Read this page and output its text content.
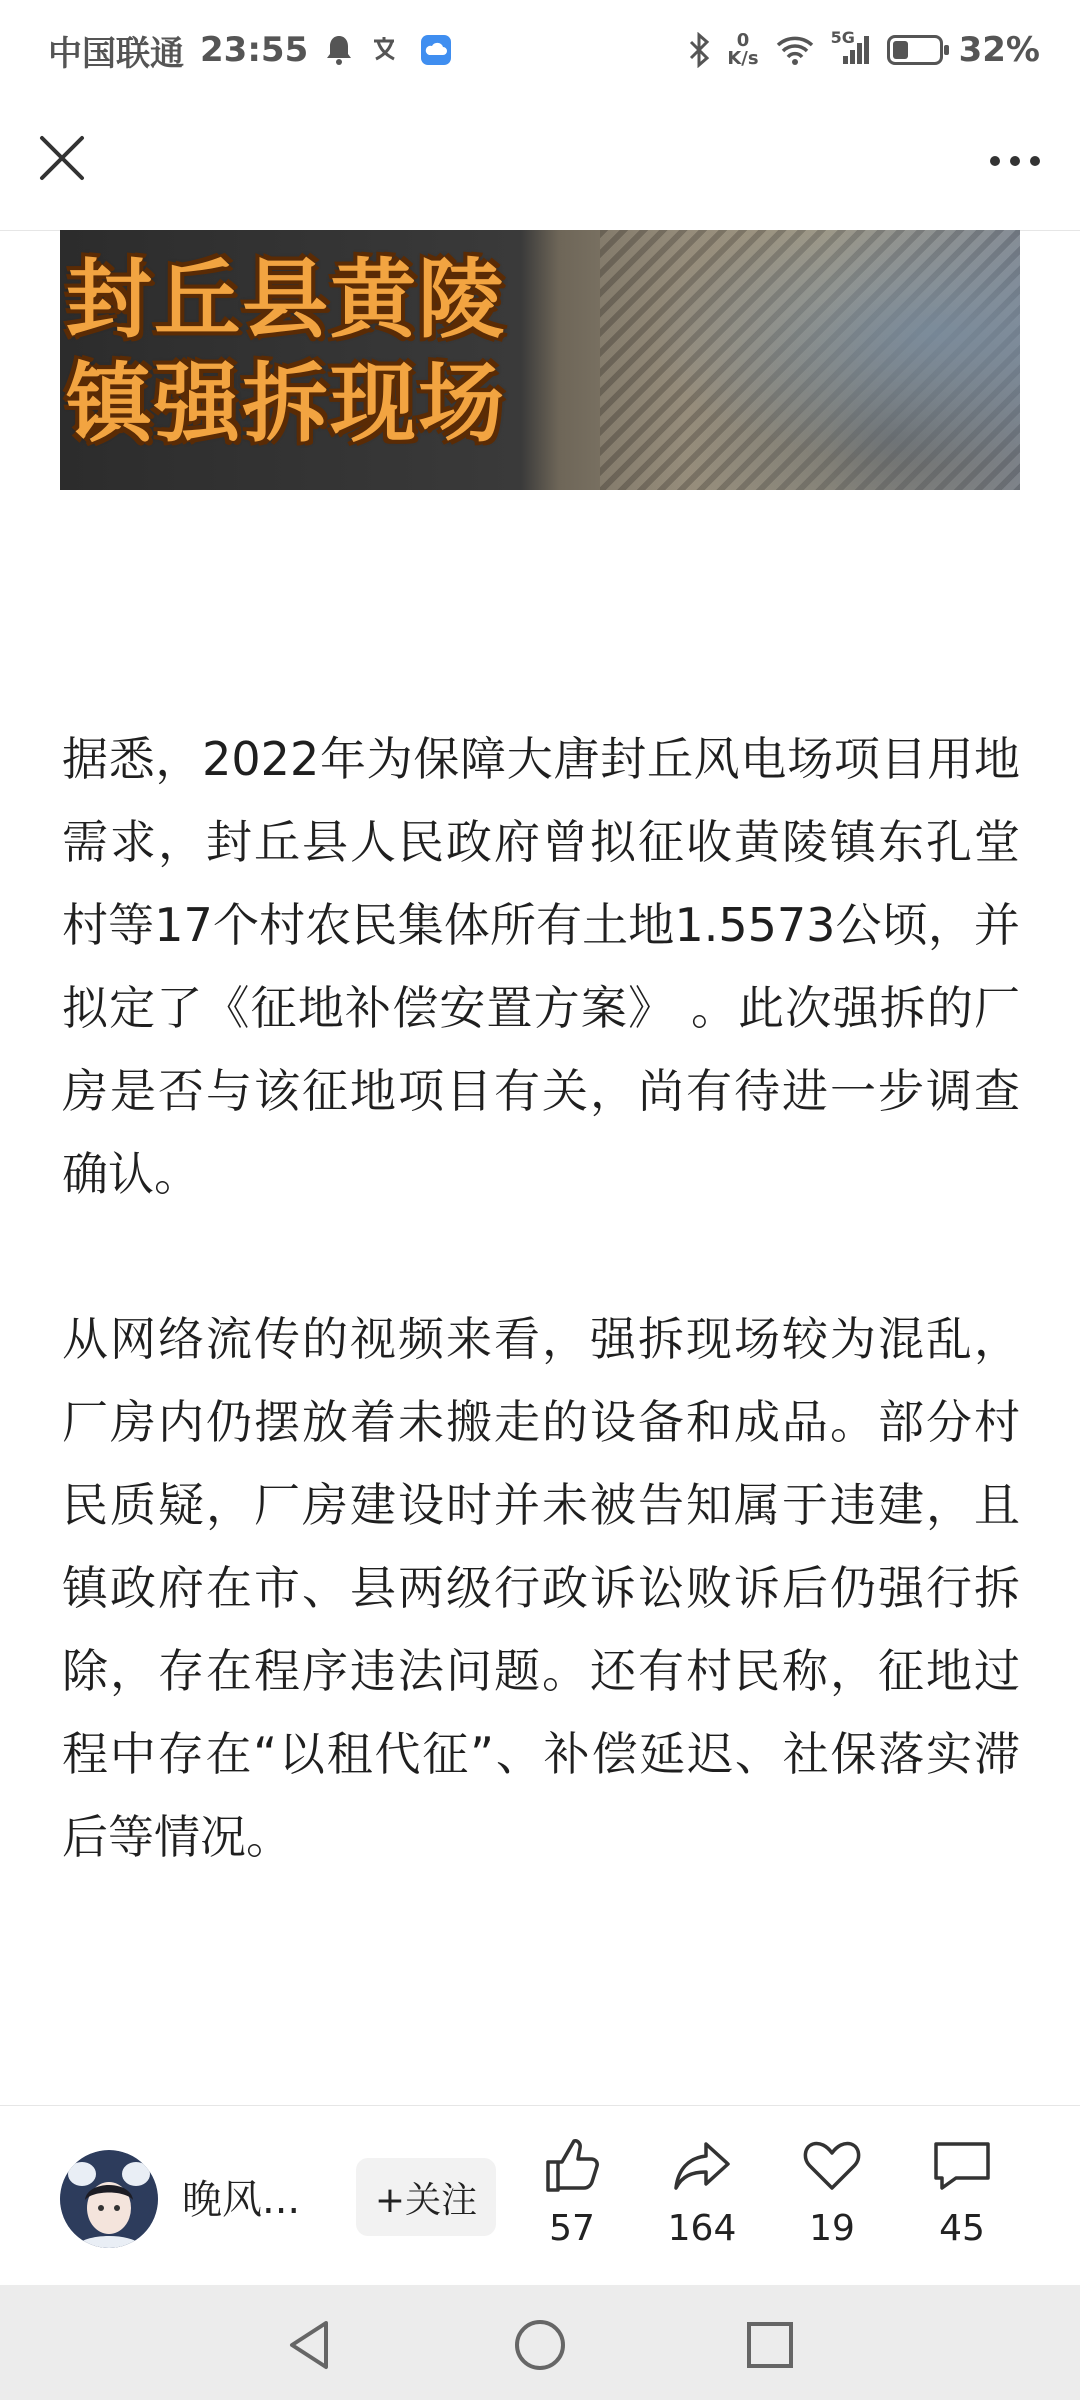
中国联通 23:55	0
K/s
5G	32%
封丘县黄陵
镇强拆现场

据悉，2022年为保障大唐封丘风电场项目用地需求，封丘县人民政府曾拟征收黄陵镇东孔堂村等17个村农民集体所有土地1.5573公顷，并拟定了《征地补偿安置方案》 。此次强拆的厂房是否与该征地项目有关，尚有待进一步调查确认。

从网络流传的视频来看，强拆现场较为混乱，厂房内仍摆放着未搬走的设备和成品。部分村民质疑，厂房建设时并未被告知属于违建，且镇政府在市、县两级行政诉讼败诉后仍强行拆除，存在程序违法问题。还有村民称，征地过程中存在“以租代征”、补偿延迟、社保落实滞后等情况。

晚风...	+关注
57 164 19 45
